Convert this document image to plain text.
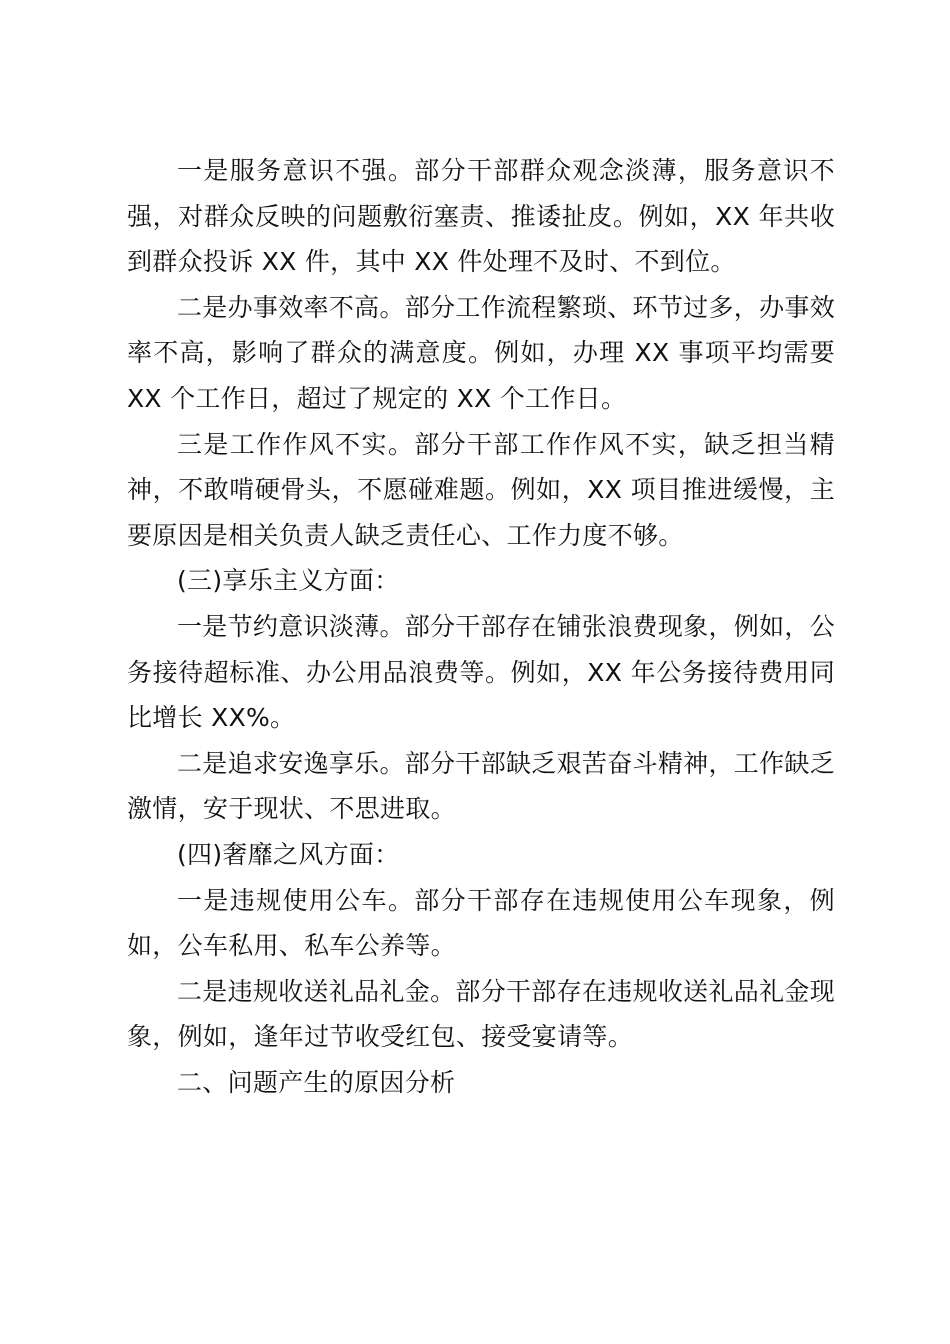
一是服务意识不强。部分干部群众观念淡薄，服务意识不强，对群众反映的问题敷衍塞责、推诿扯皮。例如，XX 年共收到群众投诉 XX 件，其中 XX 件处理不及时、不到位。

二是办事效率不高。部分工作流程繁琐、环节过多，办事效率不高，影响了群众的满意度。例如，办理 XX 事项平均需要 XX 个工作日，超过了规定的 XX 个工作日。

三是工作作风不实。部分干部工作作风不实，缺乏担当精神，不敢啃硬骨头，不愿碰难题。例如，XX 项目推进缓慢，主要原因是相关负责人缺乏责任心、工作力度不够。

(三)享乐主义方面：

一是节约意识淡薄。部分干部存在铺张浪费现象，例如，公务接待超标准、办公用品浪费等。例如，XX 年公务接待费用同比增长 XX%。

二是追求安逸享乐。部分干部缺乏艰苦奋斗精神，工作缺乏激情，安于现状、不思进取。

(四)奢靡之风方面：

一是违规使用公车。部分干部存在违规使用公车现象，例如，公车私用、私车公养等。

二是违规收送礼品礼金。部分干部存在违规收送礼品礼金现象，例如，逢年过节收受红包、接受宴请等。

二、问题产生的原因分析
